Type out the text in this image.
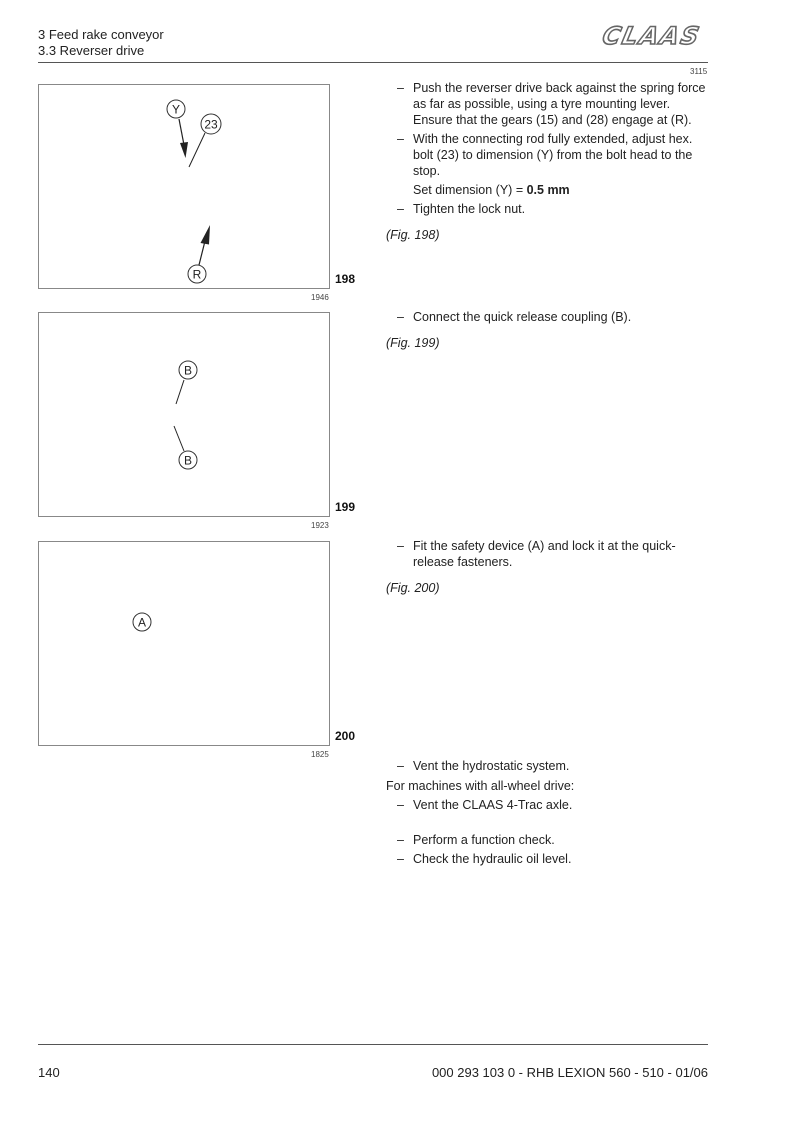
3 Feed rake conveyor
3.3 Reverser drive
CLAAS
3115
Y
23
R	198
1946
– Push the reverser drive back against the spring force as far as possible, using a tyre mounting lever. Ensure that the gears (15) and (28) engage at (R).
– With the connecting rod fully extended, adjust hex. bolt (23) to dimension (Y) from the bolt head to the stop.
Set dimension (Y) = 0.5 mm
– Tighten the lock nut.
(Fig. 198)
B
B
199
1923
– Connect the quick release coupling (B).
(Fig. 199)
A
200
1825
– Fit the safety device (A) and lock it at the quick-release fasteners.
(Fig. 200)
– Vent the hydrostatic system.
For machines with all-wheel drive:
– Vent the CLAAS 4-Trac axle.
– Perform a function check.
– Check the hydraulic oil level.
140	000 293 103 0 - RHB LEXION 560 - 510 - 01/06
